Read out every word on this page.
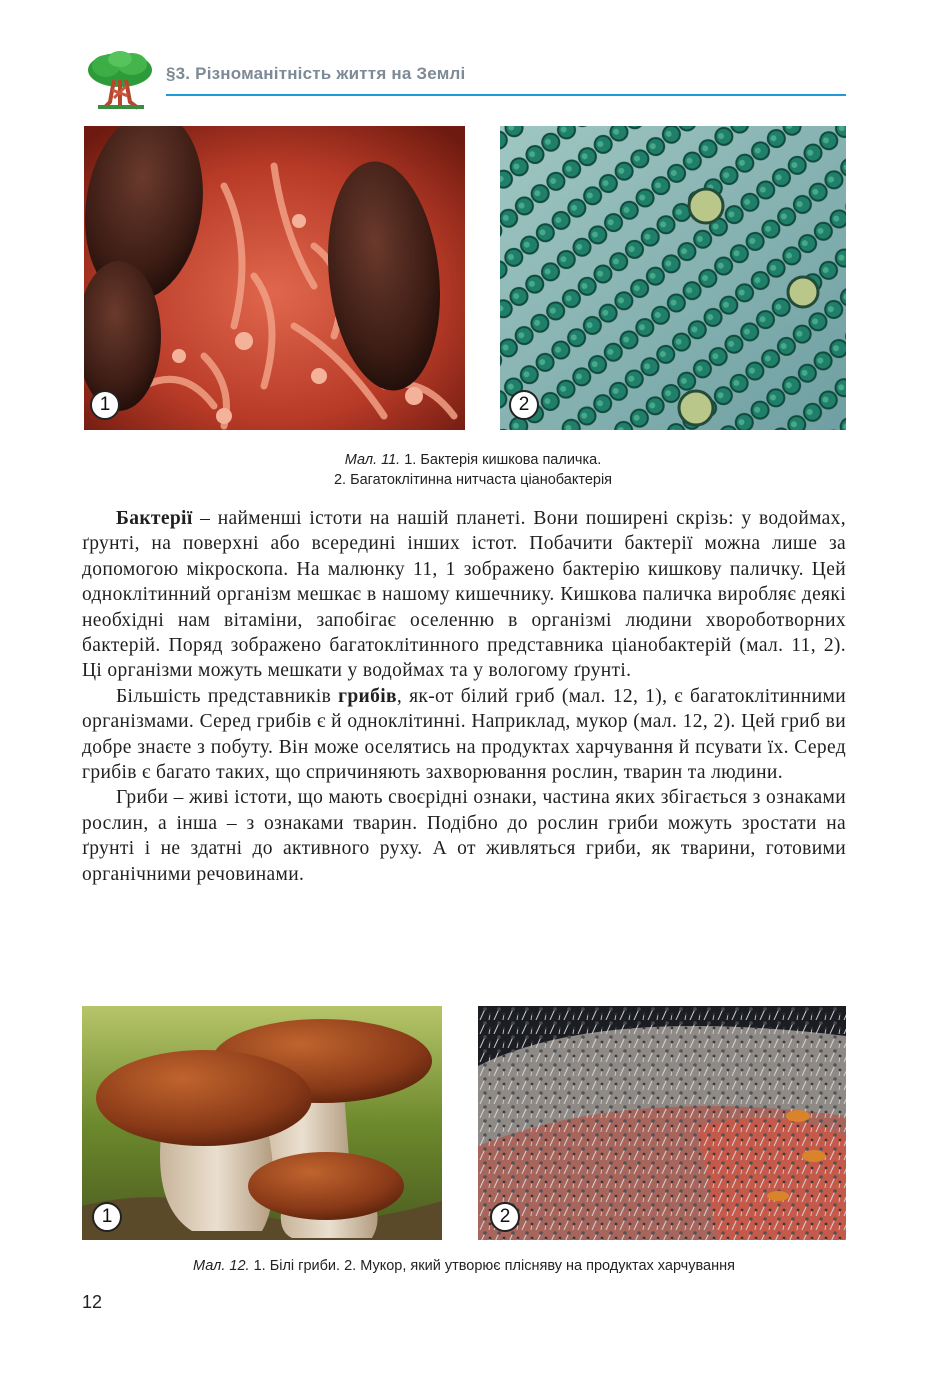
§3. Різноманітність життя на Землі
1	2
Мал. 11. 1. Бактерія кишкова паличка.
2. Багатоклітинна нитчаста ціанобактерія

Бактерії – найменші істоти на нашій планеті. Вони поширені скрізь: у водоймах, ґрунті, на поверхні або всередині інших істот. Побачити бактерії можна лише за допомогою мікроскопа. На малюнку 11, 1 зображено бактерію кишкову паличку. Цей одноклітинний організм мешкає в нашому кишечнику. Кишкова паличка виробляє деякі необхідні нам вітаміни, запобігає оселенню в організмі людини хвороботворних бактерій. Поряд зображено багатоклітинного представника ціанобактерій (мал. 11, 2). Ці організми можуть мешкати у водоймах та у вологому ґрунті.

Більшість представників грибів, як-от білий гриб (мал. 12, 1), є багатоклітинними організмами. Серед грибів є й одноклітинні. Наприклад, мукор (мал. 12, 2). Цей гриб ви добре знаєте з побуту. Він може оселятись на продуктах харчування й псувати їх. Серед грибів є багато таких, що спричиняють захворювання рослин, тварин та людини.

Гриби – живі істоти, що мають своєрідні ознаки, частина яких збігається з ознаками рослин, а інша – з ознаками тварин. Подібно до рослин гриби можуть зростати на ґрунті і не здатні до активного руху. А от живляться гриби, як тварини, готовими органічними речовинами.

1	2
Мал. 12. 1. Білі гриби. 2. Мукор, який утворює плісняву на продуктах харчування
12
